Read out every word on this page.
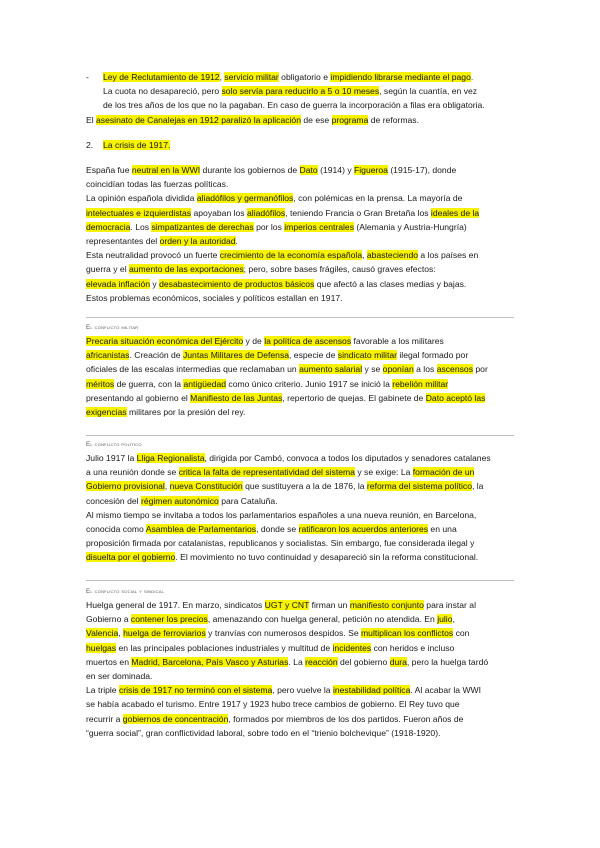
- Ley de Reclutamiento de 1912, servicio militar obligatorio e impidiendo librarse mediante el pago.
La cuota no desapareció, pero solo servía para reducirlo a 5 o 10 meses, según la cuantía, en vez
de los tres años de los que no la pagaban. En caso de guerra la incorporación a filas era obligatoria.
El asesinato de Canalejas en 1912 paralizó la aplicación de ese programa de reformas.
2. La crisis de 1917.
España fue neutral en la WWI durante los gobiernos de Dato (1914) y Figueroa (1915-17), donde
coincidían todas las fuerzas políticas.
La opinión española dividida aliadófilos y germanófilos, con polémicas en la prensa. La mayoría de
intelectuales e izquierdistas apoyaban los aliadófilos, teniendo Francia o Gran Bretaña los ideales de la
democracia. Los simpatizantes de derechas por los imperios centrales (Alemania y Austria-Hungría)
representantes del orden y la autoridad.
Esta neutralidad provocó un fuerte crecimiento de la economía española, abasteciendo a los países en
guerra y el aumento de las exportaciones; pero, sobre bases frágiles, causó graves efectos:
elevada inflación y desabastecimiento de productos básicos que afectó a las clases medias y bajas.
Estos problemas económicos, sociales y políticos estallan en 1917.
El conflicto militar
Precaria situación económica del Ejército y de la política de ascensos favorable a los militares
africanistas. Creación de Juntas Militares de Defensa, especie de sindicato militar ilegal formado por
oficiales de las escalas intermedias que reclamaban un aumento salarial y se oponían a los ascensos por
méritos de guerra, con la antigüedad como único criterio. Junio 1917 se inició la rebelión militar
presentando al gobierno el Manifiesto de las Juntas, repertorio de quejas. El gabinete de Dato aceptó las
exigencias militares por la presión del rey.
El conflicto político
Julio 1917 la Lliga Regionalista, dirigida por Cambó, convoca a todos los diputados y senadores catalanes
a una reunión donde se critica la falta de representatividad del sistema y se exige: La formación de un
Gobierno provisional, nueva Constitución que sustituyera a la de 1876, la reforma del sistema político, la
concesión del régimen autonómico para Cataluña.
Al mismo tiempo se invitaba a todos los parlamentarios españoles a una nueva reunión, en Barcelona,
conocida como Asamblea de Parlamentarios, donde se ratificaron los acuerdos anteriores en una
proposición firmada por catalanistas, republicanos y socialistas. Sin embargo, fue considerada ilegal y
disuelta por el gobierno. El movimiento no tuvo continuidad y desapareció sin la reforma constitucional.
El conflicto social y sindical
Huelga general de 1917. En marzo, sindicatos UGT y CNT firman un manifiesto conjunto para instar al
Gobierno a contener los precios, amenazando con huelga general, petición no atendida. En julio,
Valencia, huelga de ferroviarios y tranvías con numerosos despidos. Se multiplican los conflictos con
huelgas en las principales poblaciones industriales y multitud de incidentes con heridos e incluso
muertos en Madrid, Barcelona, País Vasco y Asturias. La reacción del gobierno dura, pero la huelga tardó
en ser dominada.
La triple crisis de 1917 no terminó con el sistema, pero vuelve la inestabilidad política. Al acabar la WWI
se había acabado el turismo. Entre 1917 y 1923 hubo trece cambios de gobierno. El Rey tuvo que
recurrir a gobiernos de concentración, formados por miembros de los dos partidos. Fueron años de
“guerra social”, gran conflictividad laboral, sobre todo en el “trienio bolchevique” (1918-1920).
